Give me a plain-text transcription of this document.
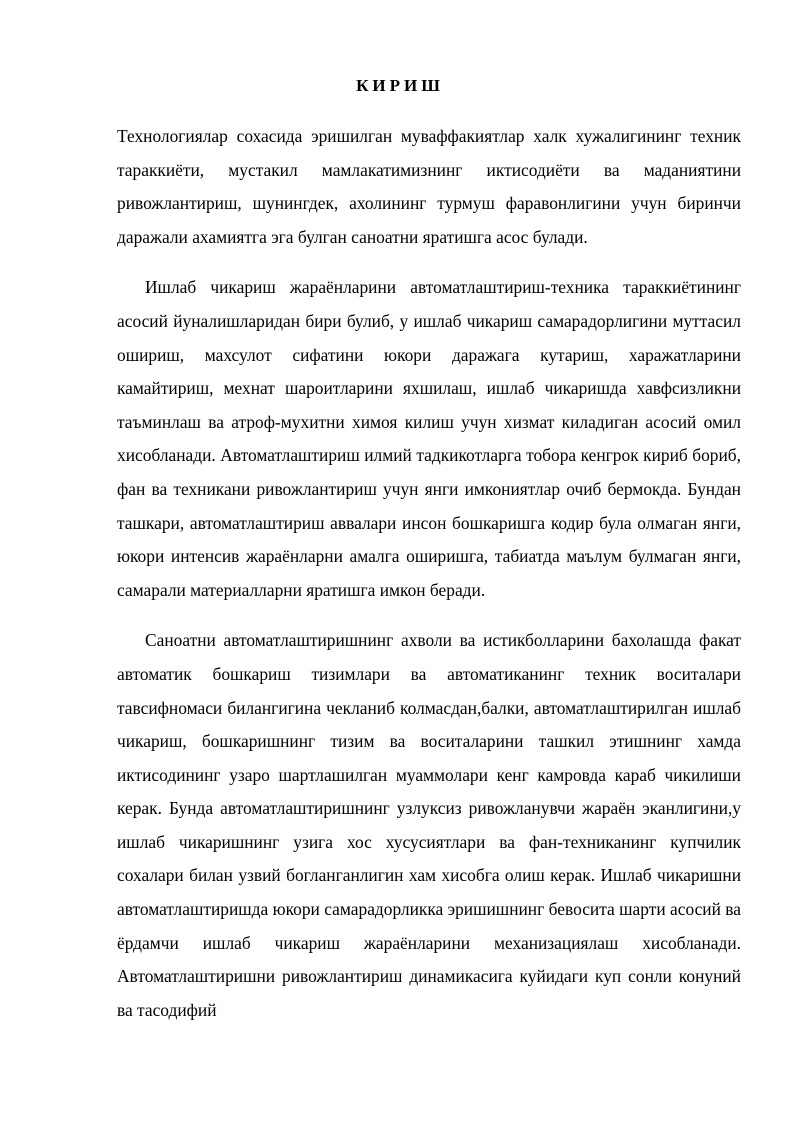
КИРИШ

Технологиялар сохасида эришилган муваффакиятлар халк хужалигининг техник тараккиёти, мустакил мамлакатимизнинг иктисодиёти ва маданиятини ривожлантириш, шунингдек, ахолининг турмуш фаравонлигини учун биринчи даражали ахамиятга эга булган саноатни яратишга асос булади.

Ишлаб чикариш жараёнларини автоматлаштириш-техника тараккиётининг асосий йуналишларидан бири булиб, у ишлаб чикариш самарадорлигини муттасил ошириш, махсулот сифатини юкори даражага кутариш, харажатларини камайтириш, мехнат шароитларини яхшилаш, ишлаб чикаришда хавфсизликни таъминлаш ва атроф-мухитни химоя килиш учун хизмат киладиган асосий омил хисобланади. Автоматлаштириш илмий тадкикотларга тобора кенгрок кириб бориб, фан ва техникани ривожлантириш учун янги имкониятлар очиб бермокда. Бундан ташкари, автоматлаштириш аввалари инсон бошкаришга кодир була олмаган янги, юкори интенсив жараёнларни амалга оширишга, табиатда маълум булмаган янги, самарали материалларни яратишга имкон беради.

Саноатни автоматлаштиришнинг ахволи ва истикболларини бахолашда факат автоматик бошкариш тизимлари ва автоматиканинг техник воситалари тавсифномаси билангигина чекланиб колмасдан,балки, автоматлаштирилган ишлаб чикариш, бошкаришнинг тизим ва воситаларини ташкил этишнинг хамда иктисодининг узаро шартлашилган муаммолари кенг камровда караб чикилиши керак. Бунда автоматлаштиришнинг узлуксиз ривожланувчи жараён эканлигини,у ишлаб чикаришнинг узига хос хусусиятлари ва фан-техниканинг купчилик сохалари билан узвий богланганлигин хам хисобга олиш керак. Ишлаб чикаришни автоматлаштиришда юкори самарадорликка эришишнинг бевосита шарти асосий ва ёрдамчи ишлаб чикариш жараёнларини механизациялаш хисобланади. Автоматлаштиришни ривожлантириш динамикасига куйидаги куп сонли конуний ва тасодифий
